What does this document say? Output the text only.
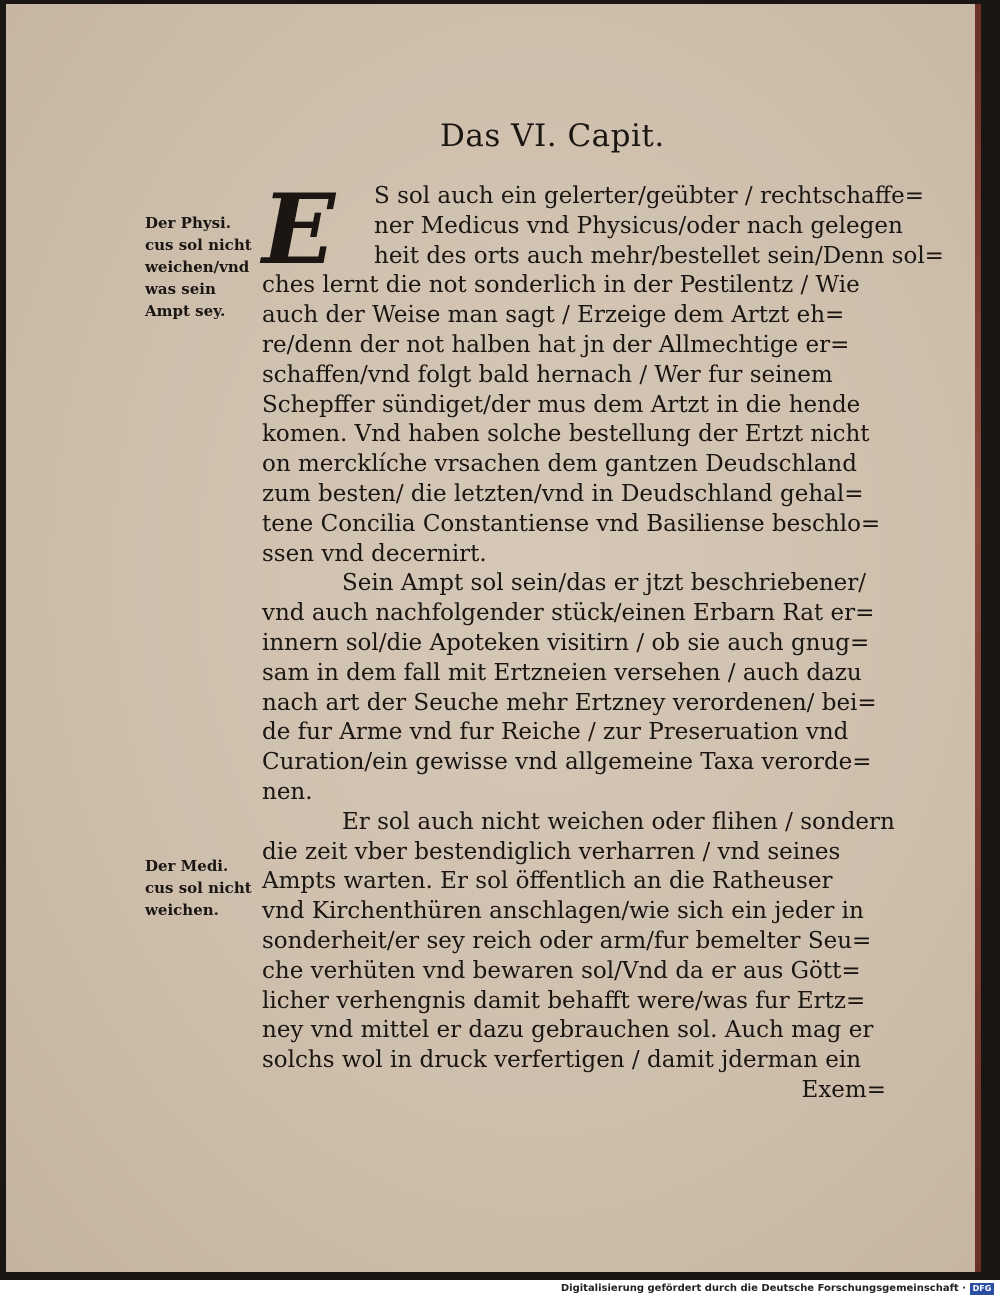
Das VI. Capit.
E	S sol auch ein gelerter/geübter / rechtschaffe=
ner Medicus vnd Physicus/oder nach gelegen
heit des orts auch mehr/bestellet sein/Denn sol=
ches lernt die not sonderlich in der Pestilentz / Wie
auch der Weise man sagt / Erzeige dem Artzt eh=
re/denn der not halben hat jn der Allmechtige er=
schaffen/vnd folgt bald hernach / Wer fur seinem
Schepffer sündiget/der mus dem Artzt in die hende
komen. Vnd haben solche bestellung der Ertzt nicht
on mercklíche vrsachen dem gantzen Deudschland
zum besten/ die letzten/vnd in Deudschland gehal=
tene Concilia Constantiense vnd Basiliense beschlo=
ssen vnd decernirt.
Sein Ampt sol sein/das er jtzt beschriebener/
vnd auch nachfolgender stück/einen Erbarn Rat er=
innern sol/die Apoteken visitirn / ob sie auch gnug=
sam in dem fall mit Ertzneien versehen / auch dazu
nach art der Seuche mehr Ertzney verordenen/ bei=
de fur Arme vnd fur Reiche / zur Preseruation vnd
Curation/ein gewisse vnd allgemeine Taxa verorde=
nen.
Er sol auch nicht weichen oder flihen / sondern
die zeit vber bestendiglich verharren / vnd seines
Ampts warten. Er sol öffentlich an die Ratheuser
vnd Kirchenthüren anschlagen/wie sich ein jeder in
sonderheit/er sey reich oder arm/fur bemelter Seu=
che verhüten vnd bewaren sol/Vnd da er aus Gött=
licher verhengnis damit behafft were/was fur Ertz=
ney vnd mittel er dazu gebrauchen sol. Auch mag er
solchs wol in druck verfertigen / damit jderman ein
Exem=
Der Physi.
cus sol nicht
weichen/vnd
was sein
Ampt sey.
Der Medi.
cus sol nicht
weichen.
Digitalisierung gefördert durch die Deutsche Forschungsgemeinschaft · DFG
